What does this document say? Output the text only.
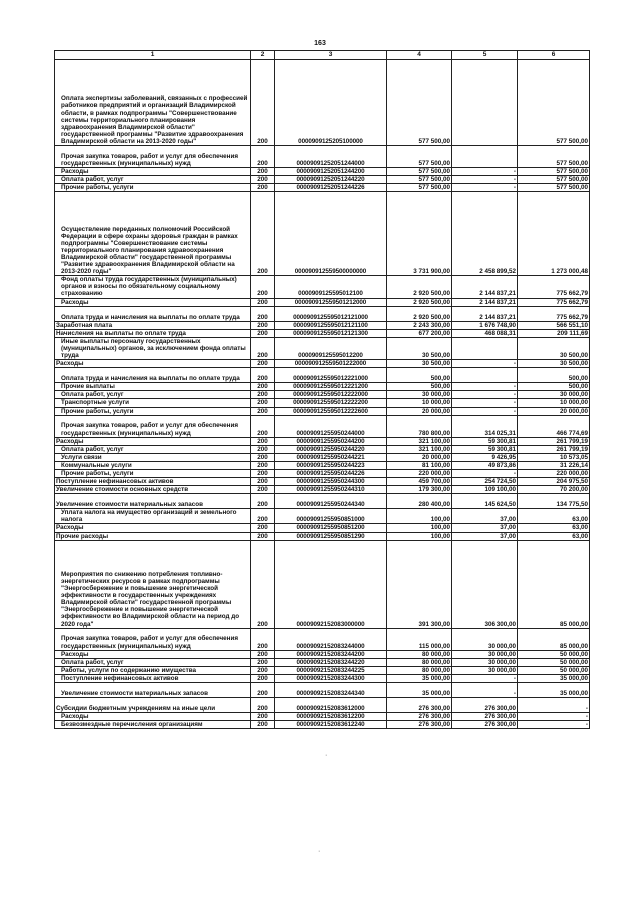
163
1	2	3	4	5	6
Оплата экспертизы заболеваний, связанных с профессией работников предприятий и организаций Владимирской области, в рамках подпрограммы "Совершенствование системы территориального планирования здравоохранения Владимирской области" государственной программы "Развитие здравоохранения Владимирской области на 2013-2020 годы"	200	0000909125205100000	577 500,00		577 500,00
Прочая закупка товаров, работ и услуг для обеспечения государственных (муниципальных) нужд	200	00009091252051244000	577 500,00		577 500,00
Расходы	200	00009091252051244200	577 500,00	-	577 500,00
Оплата работ, услуг	200	00009091252051244220	577 500,00	-	577 500,00
Прочие работы, услуги	200	00009091252051244226	577 500,00	-	577 500,00
Осуществление переданных полномочий Российской Федерации в сфере охраны здоровья граждан в рамках подпрограммы "Совершенствование системы территориального планирования здравоохранения Владимирской области" государственной программы "Развитие здравоохранения Владимирской области на 2013-2020 годы"	200	000090912559500000000	3 731 900,00	2 458 899,52	1 273 000,48
Фонд оплаты труда государственных (муниципальных) органов и взносы по обязательному социальному страхованию	200	0000909125595012100	2 920 500,00	2 144 837,21	775 662,79
Расходы	200	000090912559501212000	2 920 500,00	2 144 837,21	775 662,79
Оплата труда и начисления на выплаты по оплате труда	200	0000909125595012121000	2 920 500,00	2 144 837,21	775 662,79
Заработная плата	200	0000909125595012121100	2 243 300,00	1 676 748,90	566 551,10
Начисления на выплаты по оплате труда	200	0000909125595012121300	677 200,00	468 088,31	209 111,69
Иные выплаты персоналу государственных (муниципальных) органов, за исключением фонда оплаты труда	200	0000909125595012200	30 500,00		30 500,00
Расходы	200	000090912559501222000	30 500,00	-	30 500,00
Оплата труда и начисления на выплаты по оплате труда	200	0000909125595012221000	500,00		500,00
Прочие выплаты	200	0000909125595012221200	500,00	-	500,00
Оплата работ, услуг	200	0000909125595012222000	30 000,00	-	30 000,00
Транспортные услуги	200	0000909125595012222200	10 000,00	-	10 000,00
Прочие работы, услуги	200	0000909125595012222600	20 000,00	-	20 000,00
Прочая закупка товаров, работ и услуг для обеспечения государственных (муниципальных) нужд	200	00009091255950244000	780 800,00	314 025,31	466 774,69
Расходы	200	00009091255950244200	321 100,00	59 300,81	261 799,19
Оплата работ, услуг	200	00009091255950244220	321 100,00	59 300,81	261 799,19
Услуги связи	200	00009091255950244221	20 000,00	9 426,95	10 573,05
Коммунальные услуги	200	00009091255950244223	81 100,00	49 873,86	31 226,14
Прочие работы, услуги	200	00009091255950244226	220 000,00	-	220 000,00
Поступление нефинансовых активов	200	00009091255950244300	459 700,00	254 724,50	204 975,50
Увеличение стоимости основных средств	200	00009091255950244310	179 300,00	109 100,00	70 200,00
Увеличение стоимости материальных запасов	200	00009091255950244340	280 400,00	145 624,50	134 775,50
Уплата налога на имущество организаций и земельного налога	200	00009091255950851000	100,00	37,00	63,00
Расходы	200	00009091255950851200	100,00	37,00	63,00
Прочие расходы	200	00009091255950851290	100,00	37,00	63,00
Мероприятия по снижению потребления топливно-энергетических ресурсов в рамках подпрограммы "Энергосбережение и повышение энергетической эффективности в государственных учреждениях Владимирской области" государственной программы "Энергосбережение и повышение энергетической эффективности во Владимирской области на период до 2020 года"	200	00009092152083000000	391 300,00	306 300,00	85 000,00
Прочая закупка товаров, работ и услуг для обеспечения государственных (муниципальных) нужд	200	00009092152083244000	115 000,00	30 000,00	85 000,00
Расходы	200	00009092152083244200	80 000,00	30 000,00	50 000,00
Оплата работ, услуг	200	00009092152083244220	80 000,00	30 000,00	50 000,00
Работы, услуги по содержанию имущества	200	00009092152083244225	80 000,00	30 000,00	50 000,00
Поступление нефинансовых активов	200	00009092152083244300	35 000,00	-	35 000,00
Увеличение стоимости материальных запасов	200	00009092152083244340	35 000,00	-	35 000,00
Субсидии бюджетным учреждениям на иные цели	200	00009092152083612000	276 300,00	276 300,00	-
Расходы	200	00009092152083612200	276 300,00	276 300,00	-
Безвозмездные перечисления организациям	200	00009092152083612240	276 300,00	276 300,00	-
·
·
